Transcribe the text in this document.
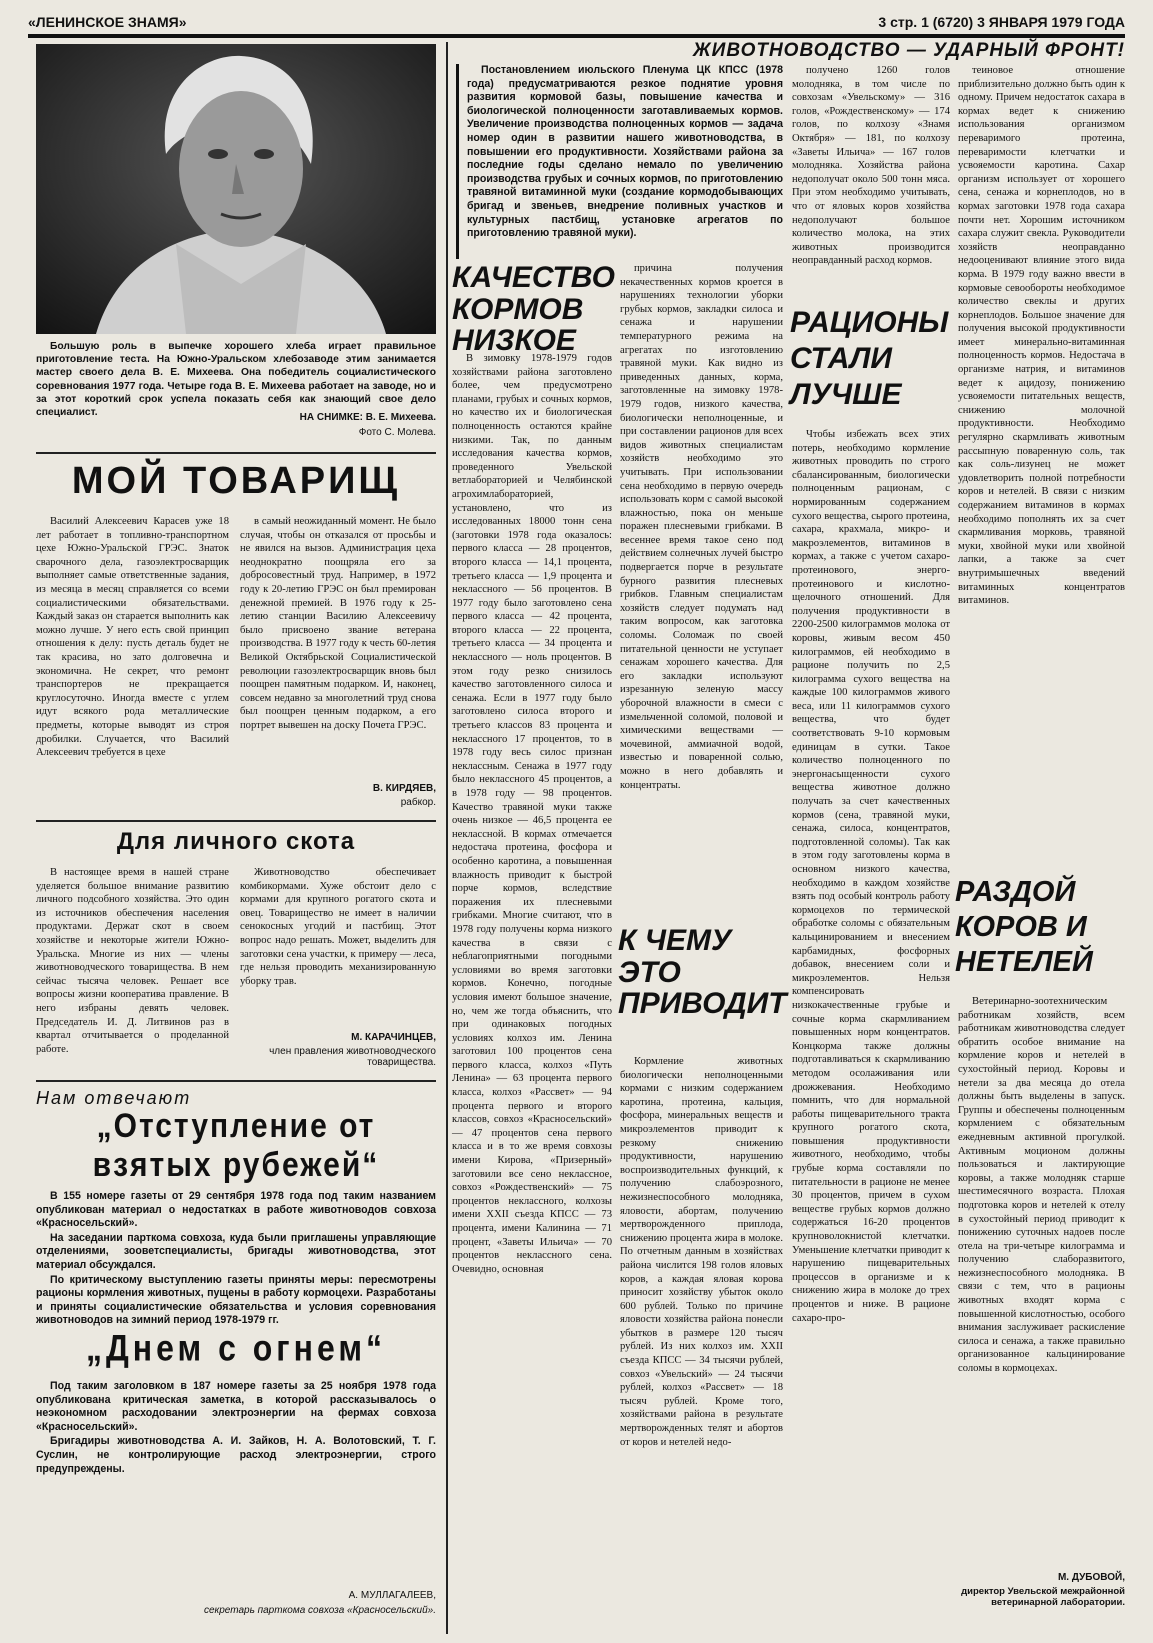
«ЛЕНИНСКОЕ ЗНАМЯ»	3 стр. 1 (6720) 3 ЯНВАРЯ 1979 ГОДА

Большую роль в выпечке хорошего хлеба играет правильное приготовление теста. На Южно-Уральском хлебозаводе этим занимается мастер своего дела В. Е. Михеева. Она победитель социалистического соревнования 1977 года. Четыре года В. Е. Михеева работает на заводе, но и за этот короткий срок успела показать себя как знающий свое дело специалист.	НА СНИМКЕ: В. Е. Михеева.
Фото С. Молева.
МОЙ ТОВАРИЩ

Василий Алексеевич Карасев уже 18 лет работает в топливно-транспортном цехе Южно-Уральской ГРЭС. Знаток сварочного дела, газоэлектросварщик выполняет самые ответственные задания, из месяца в месяц справляется со всеми социалистическими обязательствами. Каждый заказ он старается выполнить как можно лучше. У него есть свой принцип отношения к делу: пусть деталь будет не так красива, но зато долговечна и экономична. Не секрет, что ремонт транспортеров не прекращается круглосуточно. Иногда вместе с углем идут всякого рода металлические предметы, которые выводят из строя дробилки. Случается, что Василий Алексеевич требуется в цехе

в самый неожиданный момент. Не было случая, чтобы он отказался от просьбы и не явился на вызов. Администрация цеха неоднократно поощряла его за добросовестный труд. Например, в 1972 году к 20-летию ГРЭС он был премирован денежной премией. В 1976 году к 25-летию станции Василию Алексеевичу было присвоено звание ветерана производства. В 1977 году к честь 60-летия Великой Октябрьской Социалистической революции газоэлектросварщик вновь был поощрен памятным подарком. И, наконец, совсем недавно за многолетний труд снова был поощрен ценным подарком, а его портрет вывешен на доску Почета ГРЭС.

В. КИРДЯЕВ,
рабкор.
Для личного скота

В настоящее время в нашей стране уделяется большое внимание развитию личного подсобного хозяйства. Это один из источников обеспечения населения продуктами. Держат скот в своем хозяйстве и некоторые жители Южно-Уральска. Многие из них — члены животноводческого товарищества. В нем сейчас тысяча человек. Решает все вопросы жизни кооператива правление. В него избраны девять человек. Председатель И. Д. Литвинов раз в квартал отчитывается о проделанной работе.

Животноводство обеспечивает комбикормами. Хуже обстоит дело с кормами для крупного рогатого скота и овец. Товарищество не имеет в наличии сенокосных угодий и пастбищ. Этот вопрос надо решать. Может, выделить для заготовки сена участки, к примеру — леса, где нельзя проводить механизированную уборку трав.

М. КАРАЧИНЦЕВ,
член правления животноводческого товарищества.
Нам отвечают
„Отступление от взятых рубежей“

В 155 номере газеты от 29 сентября 1978 года под таким названием опубликован материал о недостатках в работе животноводов совхоза «Красносельский».

На заседании парткома совхоза, куда были приглашены управляющие отделениями, зооветспециалисты, бригады животноводства, этот материал обсуждался.

По критическому выступлению газеты приняты меры: пересмотрены рационы кормления животных, пущены в работу кормоцехи. Разработаны и приняты социалистические обязательства и условия соревнования животноводов на зимний период 1978-1979 гг.

„Днем с огнем“

Под таким заголовком в 187 номере газеты за 25 ноября 1978 года опубликована критическая заметка, в которой рассказывалось о неэкономном расходовании электроэнергии на фермах совхоза «Красносельский».

Бригадиры животноводства А. И. Зайков, Н. А. Волотовский, Т. Г. Суслин, не контролирующие расход электроэнергии, строго предупреждены.

А. МУЛЛАГАЛЕЕВ,
секретарь парткома совхоза «Красносельский».
ЖИВОТНОВОДСТВО — УДАРНЫЙ ФРОНТ!

Постановлением июльского Пленума ЦК КПСС (1978 года) предусматриваются резкое поднятие уровня развития кормовой базы, повышение качества и биологической полноценности заготавливаемых кормов. Увеличение производства полноценных кормов — задача номер один в развитии нашего животноводства, в повышении его продуктивности. Хозяйствами района за последние годы сделано немало по увеличению производства грубых и сочных кормов, по приготовлению травяной витаминной муки (создание кормодобывающих бригад и звеньев, внедрение поливных участков и культурных пастбищ, установке агрегатов по приготовлению травяной муки).

КАЧЕСТВО КОРМОВ НИЗКОЕ

В зимовку 1978-1979 годов хозяйствами района заготовлено более, чем предусмотрено планами, грубых и сочных кормов, но качество их и биологическая полноценность остаются крайне низкими. Так, по данным исследования качества кормов, проведенного Увельской ветлабораторией и Челябинской агрохимлабораторией, установлено, что из исследованных 18000 тонн сена (заготовки 1978 года оказалось: первого класса — 28 процентов, второго класса — 14,1 процента, третьего класса — 1,9 процента и неклассного — 56 процентов. В 1977 году было заготовлено сена первого класса — 42 процента, второго класса — 22 процента, третьего класса — 34 процента и неклассного — ноль процентов. В этом году резко снизилось качество заготовленного силоса и сенажа. Если в 1977 году было заготовлено силоса второго и третьего классов 83 процента и неклассного 17 процентов, то в 1978 году весь силос признан неклассным. Сенажа в 1977 году было неклассного 45 процентов, а в 1978 году — 98 процентов. Качество травяной муки также очень низкое — 46,5 процента ее неклассной. В кормах отмечается недостача протеина, фосфора и особенно каротина, а повышенная влажность приводит к быстрой порче кормов, вследствие поражения их плесневыми грибками. Многие считают, что в 1978 году получены корма низкого качества в связи с неблагоприятными погодными условиями во время заготовки кормов. Конечно, погодные условия имеют большое значение, но, чем же тогда объяснить, что при одинаковых погодных условиях колхоз им. Ленина заготовил 100 процентов сена первого класса, колхоз «Путь Ленина» — 63 процента первого класса, колхоз «Рассвет» — 94 процента первого и второго классов, совхоз «Красносельский» — 47 процентов сена первого класса и в то же время совхозы имени Кирова, «Призерный» заготовили все сено неклассное, совхоз «Рождественский» — 75 процентов неклассного, колхозы имени XXII съезда КПСС — 73 процента, имени Калинина — 71 процент, «Заветы Ильича» — 70 процентов неклассного сена. Очевидно, основная

причина получения некачественных кормов кроется в нарушениях технологии уборки грубых кормов, закладки силоса и сенажа и нарушении температурного режима на агрегатах по изготовлению травяной муки. Как видно из приведенных данных, корма, заготовленные на зимовку 1978-1979 годов, низкого качества, биологически неполноценные, и при составлении рационов для всех видов животных специалистам хозяйств необходимо это учитывать. При использовании сена необходимо в первую очередь использовать корм с самой высокой влажностью, пока он меньше поражен плесневыми грибками. В весеннее время такое сено под действием солнечных лучей быстро подвергается порче в результате бурного развития плесневых грибков. Главным специалистам хозяйств следует подумать над таким вопросом, как заготовка соломы. Соломаж по своей питательной ценности не уступает сенажам хорошего качества. Для его закладки используют изрезанную зеленую массу уборочной влажности в смеси с измельченной соломой, половой и химическими веществами — мочевиной, аммиачной водой, известью и поваренной солью, можно в него добавлять и концентраты.

К ЧЕМУ ЭТО ПРИВОДИТ

Кормление животных биологически неполноценными кормами с низким содержанием каротина, протеина, кальция, фосфора, минеральных веществ и микроэлементов приводит к резкому снижению продуктивности, нарушению воспроизводительных функций, к получению слабоэрозного, нежизнеспособного молодняка, яловости, абортам, получению мертворожденного приплода, снижению процента жира в молоке. По отчетным данным в хозяйствах района числится 198 голов яловых коров, а каждая яловая корова приносит хозяйству убыток около 600 рублей. Только по причине яловости хозяйства района понесли убытков в размере 120 тысяч рублей. Из них колхоз им. XXII съезда КПСС — 34 тысячи рублей, совхоз «Увельский» — 24 тысячи рублей, колхоз «Рассвет» — 18 тысяч рублей. Кроме того, хозяйствами района в результате мертворожденных телят и абортов от коров и нетелей недо-

получено 1260 голов молодняка, в том числе по совхозам «Увельскому» — 316 голов, «Рождественскому» — 174 голов, по колхозу «Знамя Октября» — 181, по колхозу «Заветы Ильича» — 167 голов молодняка. Хозяйства района недополучат около 500 тонн мяса. При этом необходимо учитывать, что от яловых коров хозяйства недополучают большое количество молока, на этих животных производится неоправданный расход кормов.

РАЦИОНЫ СТАЛИ ЛУЧШЕ

Чтобы избежать всех этих потерь, необходимо кормление животных проводить по строго сбалансированным, биологически полноценным рационам, с нормированным содержанием сухого вещества, сырого протеина, сахара, крахмала, микро- и макроэлементов, витаминов в кормах, а также с учетом сахаро-протеинового, энерго-протеинового и кислотно-щелочного отношений. Для получения продуктивности в 2200-2500 килограммов молока от коровы, живым весом 450 килограммов, ей необходимо в рационе получить по 2,5 килограмма сухого вещества на каждые 100 килограммов живого веса, или 11 килограммов сухого вещества, что будет соответствовать 9-10 кормовым единицам в сутки. Такое количество полноценного по энергонасыщенности сухого вещества животное должно получать за счет качественных кормов (сена, травяной муки, сенажа, силоса, концентратов, подготовленной соломы). Так как в этом году заготовлены корма в основном низкого качества, необходимо в каждом хозяйстве взять под особый контроль работу кормоцехов по термической обработке соломы с обязательным кальцинированием и внесением карбамидных, фосфорных добавок, внесением соли и микроэлементов. Нельзя компенсировать низкокачественные грубые и сочные корма скармливанием повышенных норм концентратов. Концкорма также должны подготавливаться к скармливанию методом осолаживания или дрожжевания. Необходимо помнить, что для нормальной работы пищеварительного тракта крупного рогатого скота, повышения продуктивности животного, необходимо, чтобы грубые корма составляли по питательности в рационе не менее 30 процентов, причем в сухом веществе грубых кормов должно содержаться 16-20 процентов крупноволокнистой клетчатки. Уменьшение клетчатки приводит к нарушению пищеварительных процессов в организме и к снижению жира в молоке до трех процентов и ниже. В рационе сахаро-про-

теиновое отношение приблизительно должно быть один к одному. Причем недостаток сахара в кормах ведет к снижению использования организмом переваримого протеина, переваримости клетчатки и усвояемости каротина. Сахар организм использует от хорошего сена, сенажа и корнеплодов, но в кормах заготовки 1978 года сахара почти нет. Хорошим источником сахара служит свекла. Руководители хозяйств неоправданно недооценивают влияние этого вида корма. В 1979 году важно ввести в кормовые севообороты необходимое количество свеклы и других корнеплодов. Большое значение для получения высокой продуктивности имеет минерально-витаминная полноценность кормов. Недостача в организме натрия, и витаминов ведет к ацидозу, понижению усвояемости питательных веществ, снижению молочной продуктивности. Необходимо регулярно скармливать животным рассыпную поваренную соль, так как соль-лизунец не может удовлетворить полной потребности коров и нетелей. В связи с низким содержанием витаминов в кормах необходимо пополнять их за счет скармливания морковь, травяной муки, хвойной муки или хвойной лапки, а также за счет внутримышечных введений витаминных концентратов витаминов.

РАЗДОЙ КОРОВ И НЕТЕЛЕЙ

Ветеринарно-зоотехническим работникам хозяйств, всем работникам животноводства следует обратить особое внимание на кормление коров и нетелей в сухостойный период. Коровы и нетели за два месяца до отела должны быть выделены в запуск. Группы и обеспечены полноценным кормлением с обязательным ежедневным активной прогулкой. Активным моционом должны пользоваться и лактирующие коровы, а также молодняк старше шестимесячного возраста. Плохая подготовка коров и нетелей к отелу в сухостойный период приводит к понижению суточных надоев после отела на три-четыре килограмма и получению слаборазвитого, нежизнеспособного молодняка. В связи с тем, что в рационы животных входят корма с повышенной кислотностью, особого внимания заслуживает раскисление силоса и сенажа, а также правильно организованное кальцинирование соломы в кормоцехах.

М. ДУБОВОЙ,
директор Увельской межрайонной ветеринарной лаборатории.
